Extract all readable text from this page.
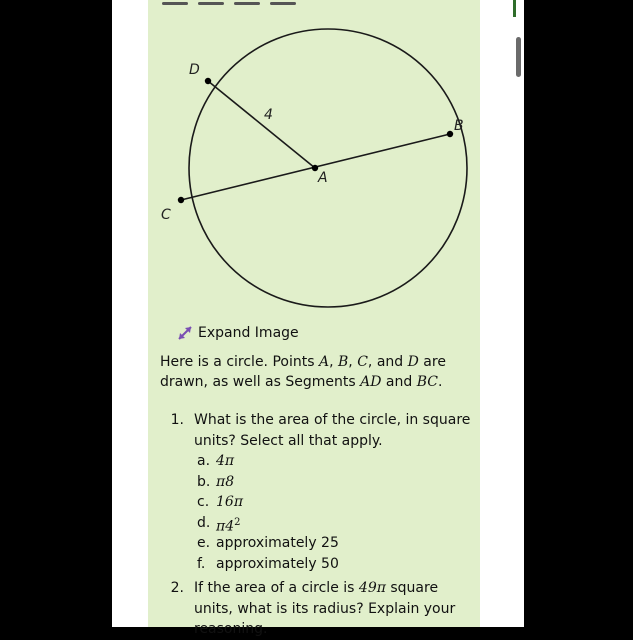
A
B
C
D
4
Expand Image

Here is a circle. Points A, B, C, and D are drawn, as well as Segments AD and BC.

1. What is the area of the circle, in square units? Select all that apply.
a. 4π
b. π8
c. 16π
d. $\pi 4^2$
e. approximately 25
f. approximately 50
2. If the area of a circle is 49π square units, what is its radius? Explain your reasoning.
